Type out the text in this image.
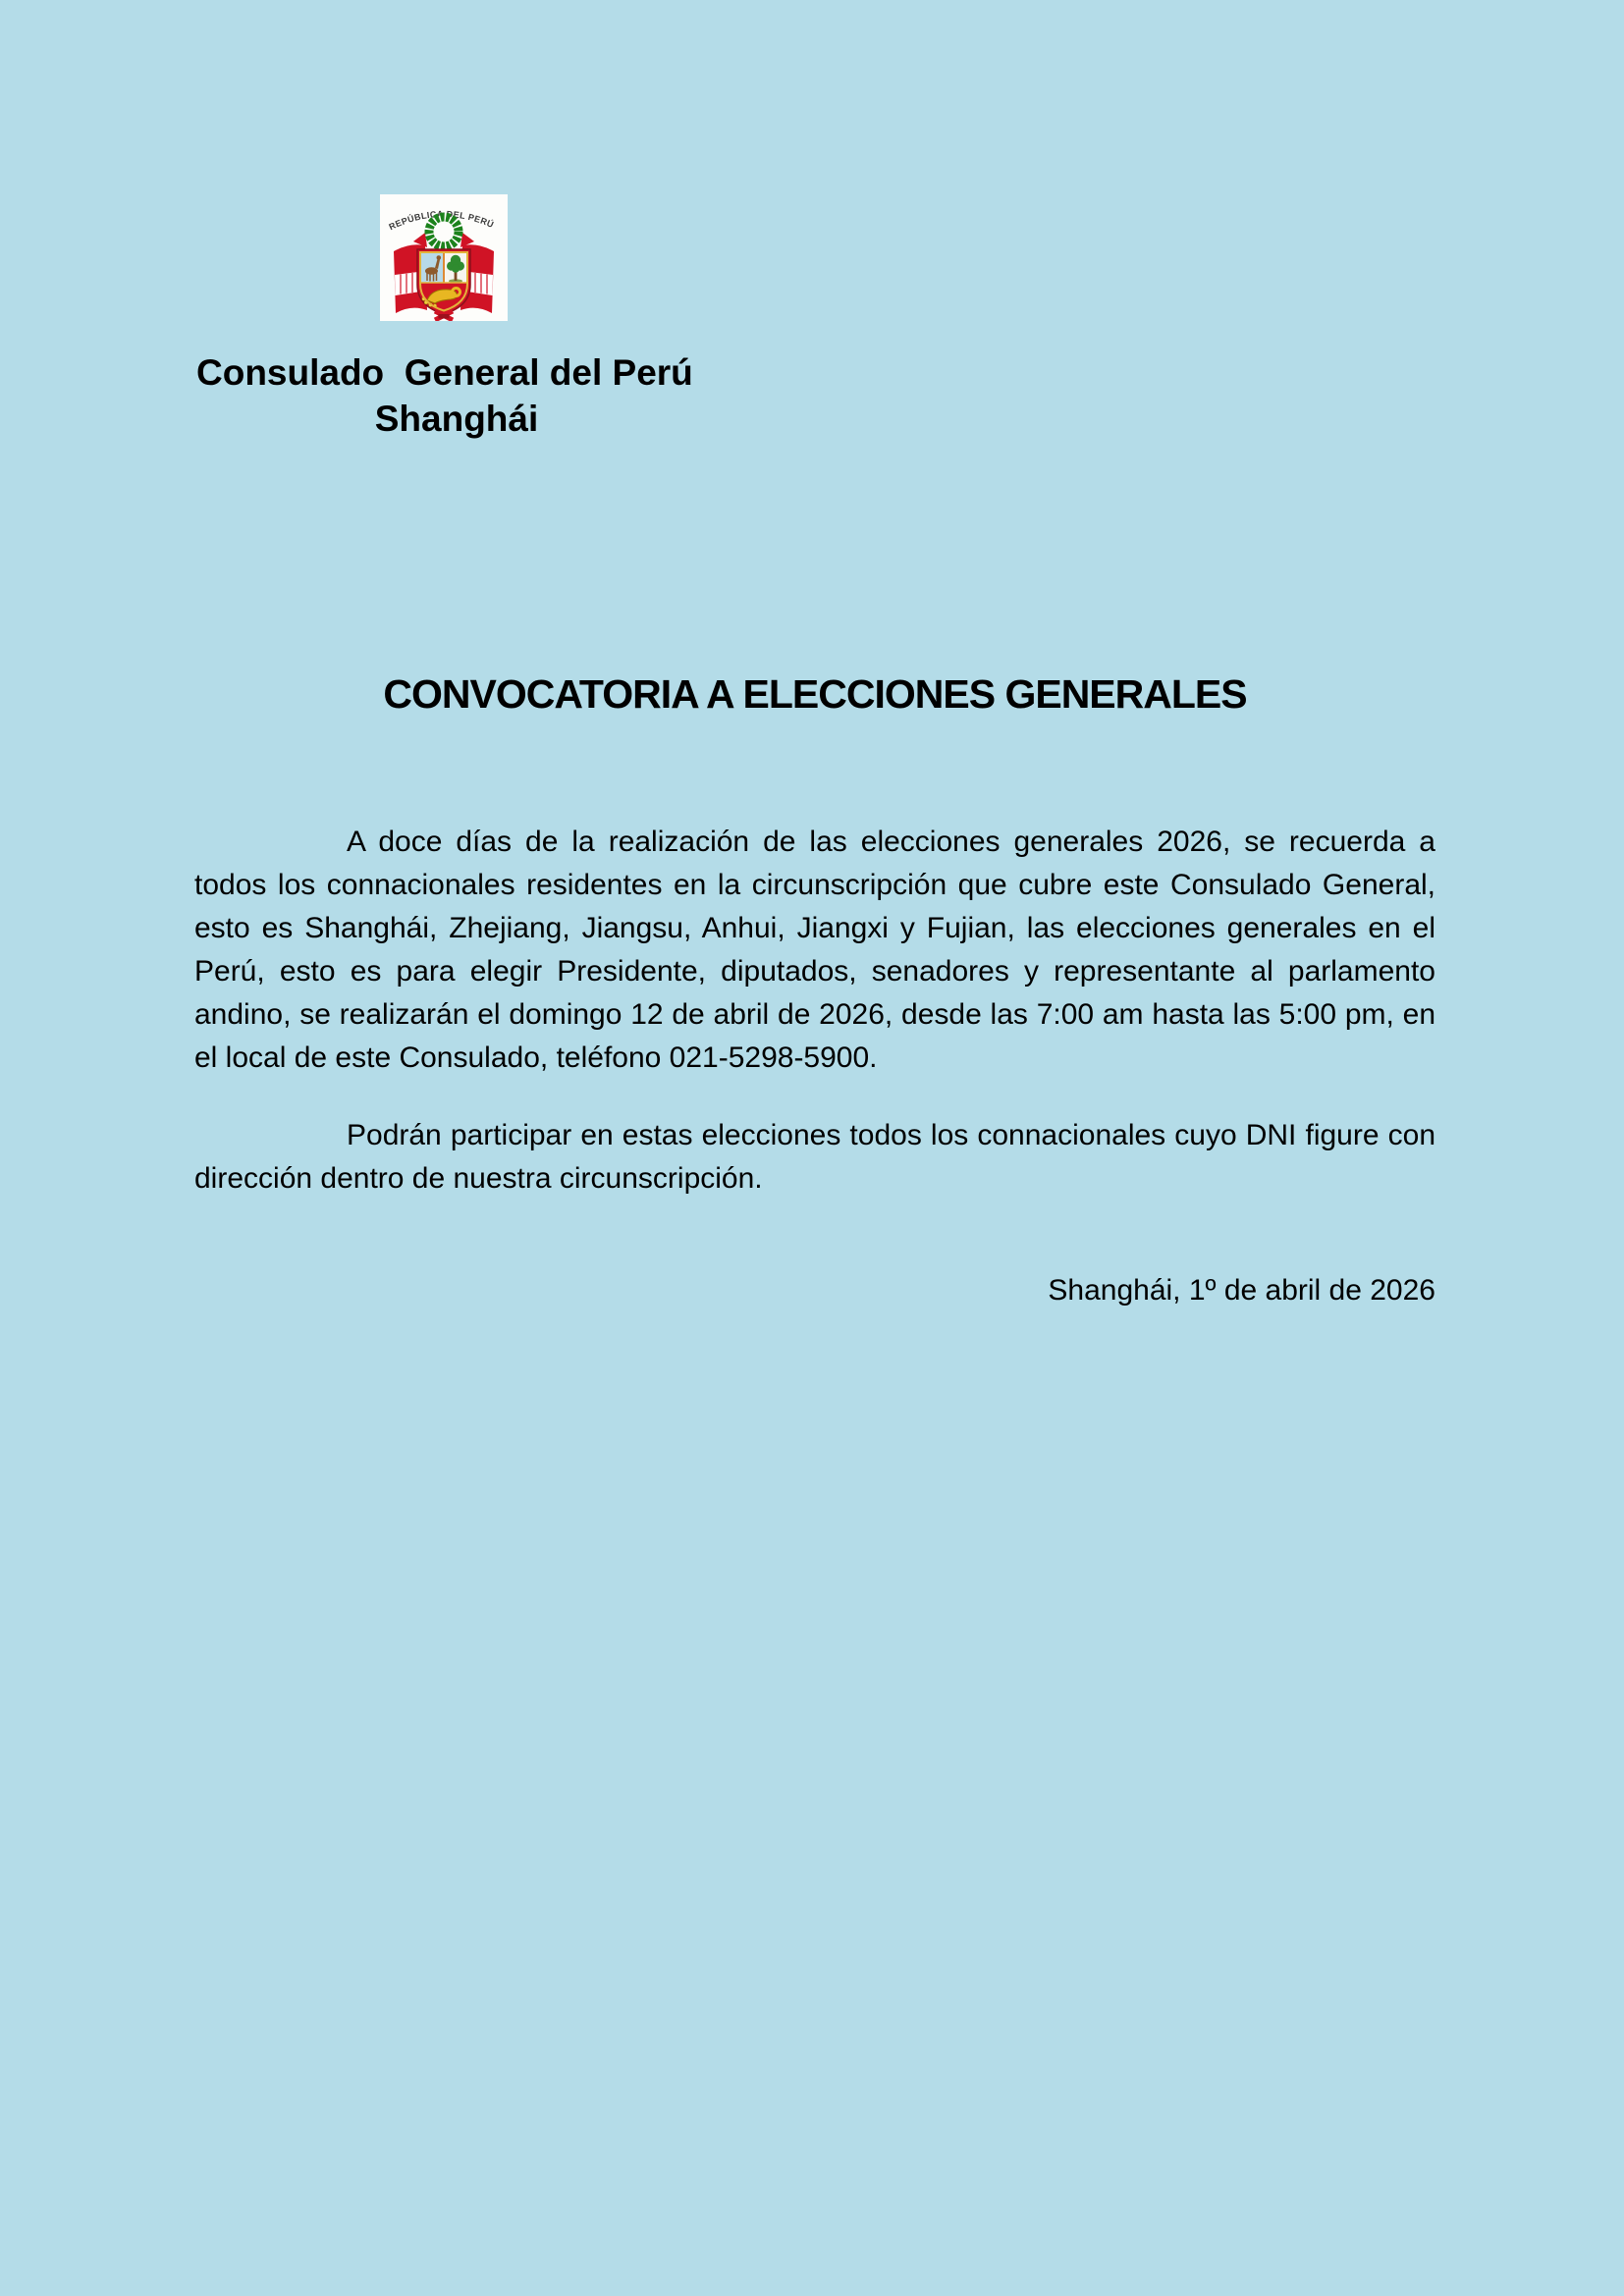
REPÚBLICA DEL PERÚ
Consulado  General del Perú
Shanghái
CONVOCATORIA A ELECCIONES GENERALES

A doce días de la realización de las elecciones generales 2026, se recuerda a todos los connacionales residentes en la circunscripción que cubre este Consulado General, esto es Shanghái, Zhejiang, Jiangsu, Anhui, Jiangxi y Fujian, las elecciones generales en el Perú, esto es para elegir Presidente, diputados, senadores y representante al parlamento andino, se realizarán el domingo 12 de abril de 2026, desde las 7:00 am hasta las 5:00 pm, en el local de este Consulado, teléfono 021-5298-5900.

Podrán participar en estas elecciones todos los connacionales cuyo DNI figure con dirección dentro de nuestra circunscripción.

Shanghái, 1º de abril de 2026
